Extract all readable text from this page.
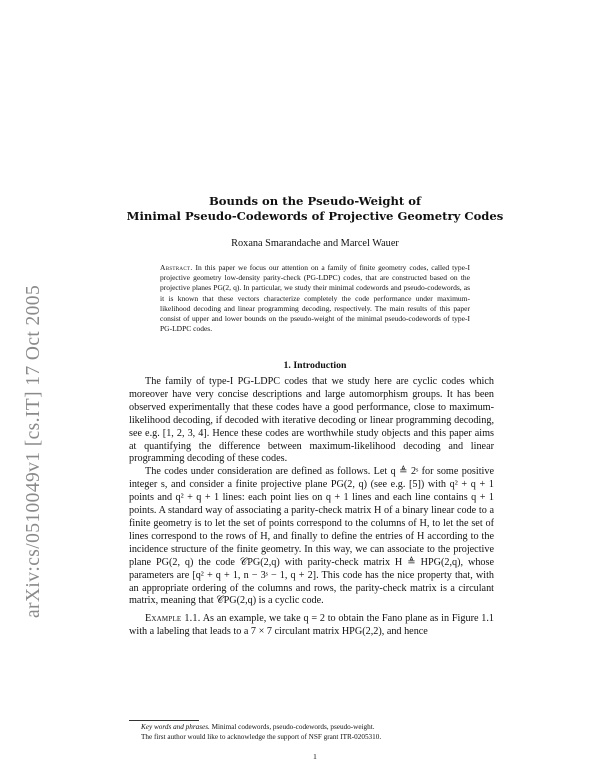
arXiv:cs/0510049v1 [cs.IT] 17 Oct 2005
Bounds on the Pseudo-Weight of
Minimal Pseudo-Codewords of Projective Geometry Codes
Roxana Smarandache and Marcel Wauer
Abstract. In this paper we focus our attention on a family of finite geometry codes, called type-I projective geometry low-density parity-check (PG-LDPC) codes, that are constructed based on the projective planes PG(2, q). In particular, we study their minimal codewords and pseudo-codewords, as it is known that these vectors characterize completely the code performance under maximum-likelihood decoding and linear programming decoding, respectively. The main results of this paper consist of upper and lower bounds on the pseudo-weight of the minimal pseudo-codewords of type-I PG-LDPC codes.
1. Introduction

The family of type-I PG-LDPC codes that we study here are cyclic codes which moreover have very concise descriptions and large automorphism groups. It has been observed experimentally that these codes have a good performance, close to maximum-likelihood decoding, if decoded with iterative decoding or linear programming decoding, see e.g. [1, 2, 3, 4]. Hence these codes are worthwhile study objects and this paper aims at quantifying the difference between maximum-likelihood decoding and linear programming decoding of these codes.

The codes under consideration are defined as follows. Let q ≜ 2ˢ for some positive integer s, and consider a finite projective plane PG(2, q) (see e.g. [5]) with q² + q + 1 points and q² + q + 1 lines: each point lies on q + 1 lines and each line contains q + 1 points. A standard way of associating a parity-check matrix H of a binary linear code to a finite geometry is to let the set of points correspond to the columns of H, to let the set of lines correspond to the rows of H, and finally to define the entries of H according to the incidence structure of the finite geometry. In this way, we can associate to the projective plane PG(2, q) the code 𝒞PG(2,q) with parity-check matrix H ≜ HPG(2,q), whose parameters are [q² + q + 1, n − 3ˢ − 1, q + 2]. This code has the nice property that, with an appropriate ordering of the columns and rows, the parity-check matrix is a circulant matrix, meaning that 𝒞PG(2,q) is a cyclic code.

Example 1.1. As an example, we take q = 2 to obtain the Fano plane as in Figure 1.1 with a labeling that leads to a 7 × 7 circulant matrix HPG(2,2), and hence

Key words and phrases. Minimal codewords, pseudo-codewords, pseudo-weight.
The first author would like to acknowledge the support of NSF grant ITR-0205310.
1
